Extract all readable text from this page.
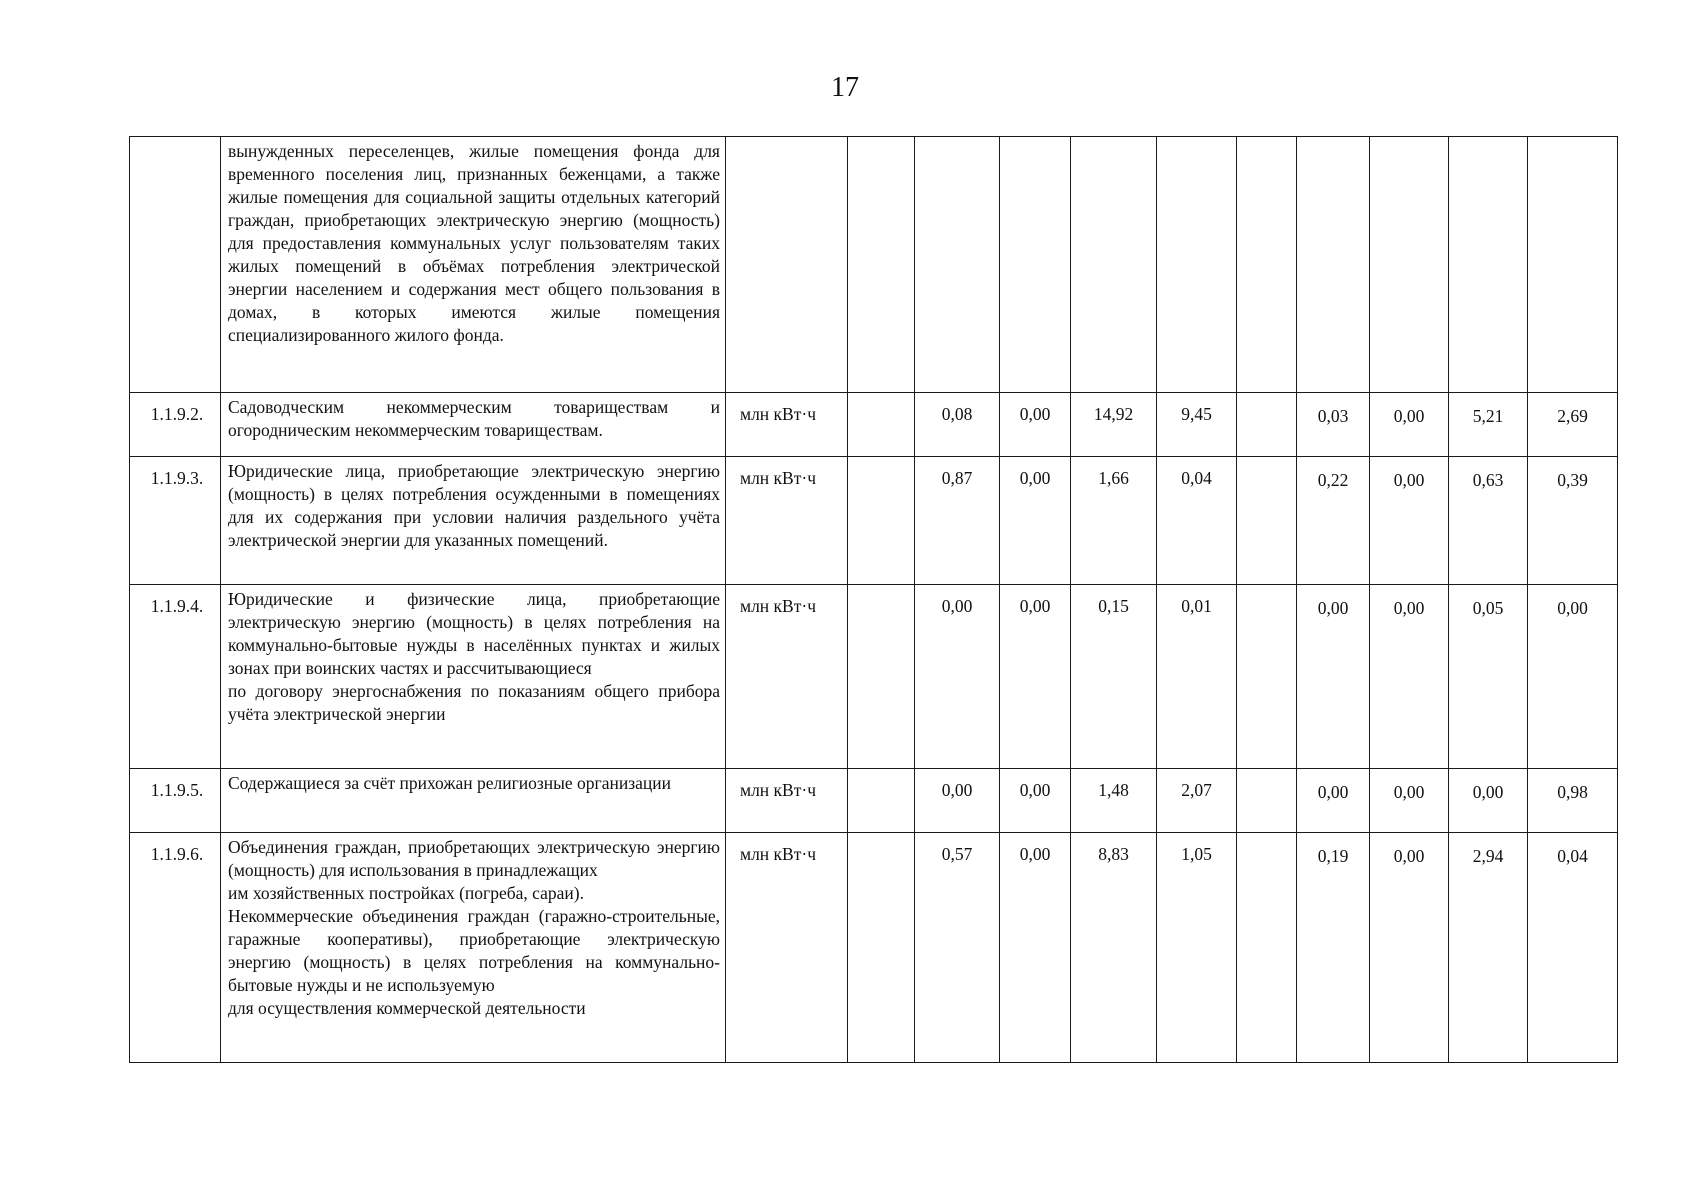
17

	вынужденных переселенцев, жилые помещения фонда для временного поселения лиц, признанных беженцами, а также жилые помещения для социальной защиты отдельных категорий граждан, приобретающих электрическую энергию (мощность) для предоставления коммунальных услуг пользователям таких жилых помещений в объёмах потребления электрической энергии населением и содержания мест общего пользования в домах, в которых имеются жилые помещения специализированного жилого фонда.												

1.1.9.2.	Садоводческим некоммерческим товариществам и огородническим некоммерческим товариществам.	млн кВт·ч		0,08	0,00	14,92	9,45		0,03	0,00	5,21	2,69	
1.1.9.3.	Юридические лица, приобретающие электрическую энергию (мощность) в целях потребления осужденными в помещениях для их содержания при условии наличия раздельного учёта электрической энергии для указанных помещений.	млн кВт·ч		0,87	0,00	1,66	0,04		0,22	0,00	0,63	0,39	
1.1.9.4.	Юридические и физические лица, приобретающие электрическую энергию (мощность) в целях потребления на коммунально-бытовые нужды в населённых пунктах и жилых зонах при воинских частях и рассчитывающиеся
по договору энергоснабжения по показаниям общего прибора учёта электрической энергии	млн кВт·ч		0,00	0,00	0,15	0,01		0,00	0,00	0,05	0,00	
1.1.9.5.	Содержащиеся за счёт прихожан религиозные организации	млн кВт·ч		0,00	0,00	1,48	2,07		0,00	0,00	0,00	0,98	
1.1.9.6.	Объединения граждан, приобретающих электрическую энергию (мощность) для использования в принадлежащих
им хозяйственных постройках (погреба, сараи).
Некоммерческие объединения граждан (гаражно-строительные, гаражные кооперативы), приобретающие электрическую энергию (мощность) в целях потребления на коммунально-бытовые нужды и не используемую
для осуществления коммерческой деятельности	млн кВт·ч		0,57	0,00	8,83	1,05		0,19	0,00	2,94	0,04	
